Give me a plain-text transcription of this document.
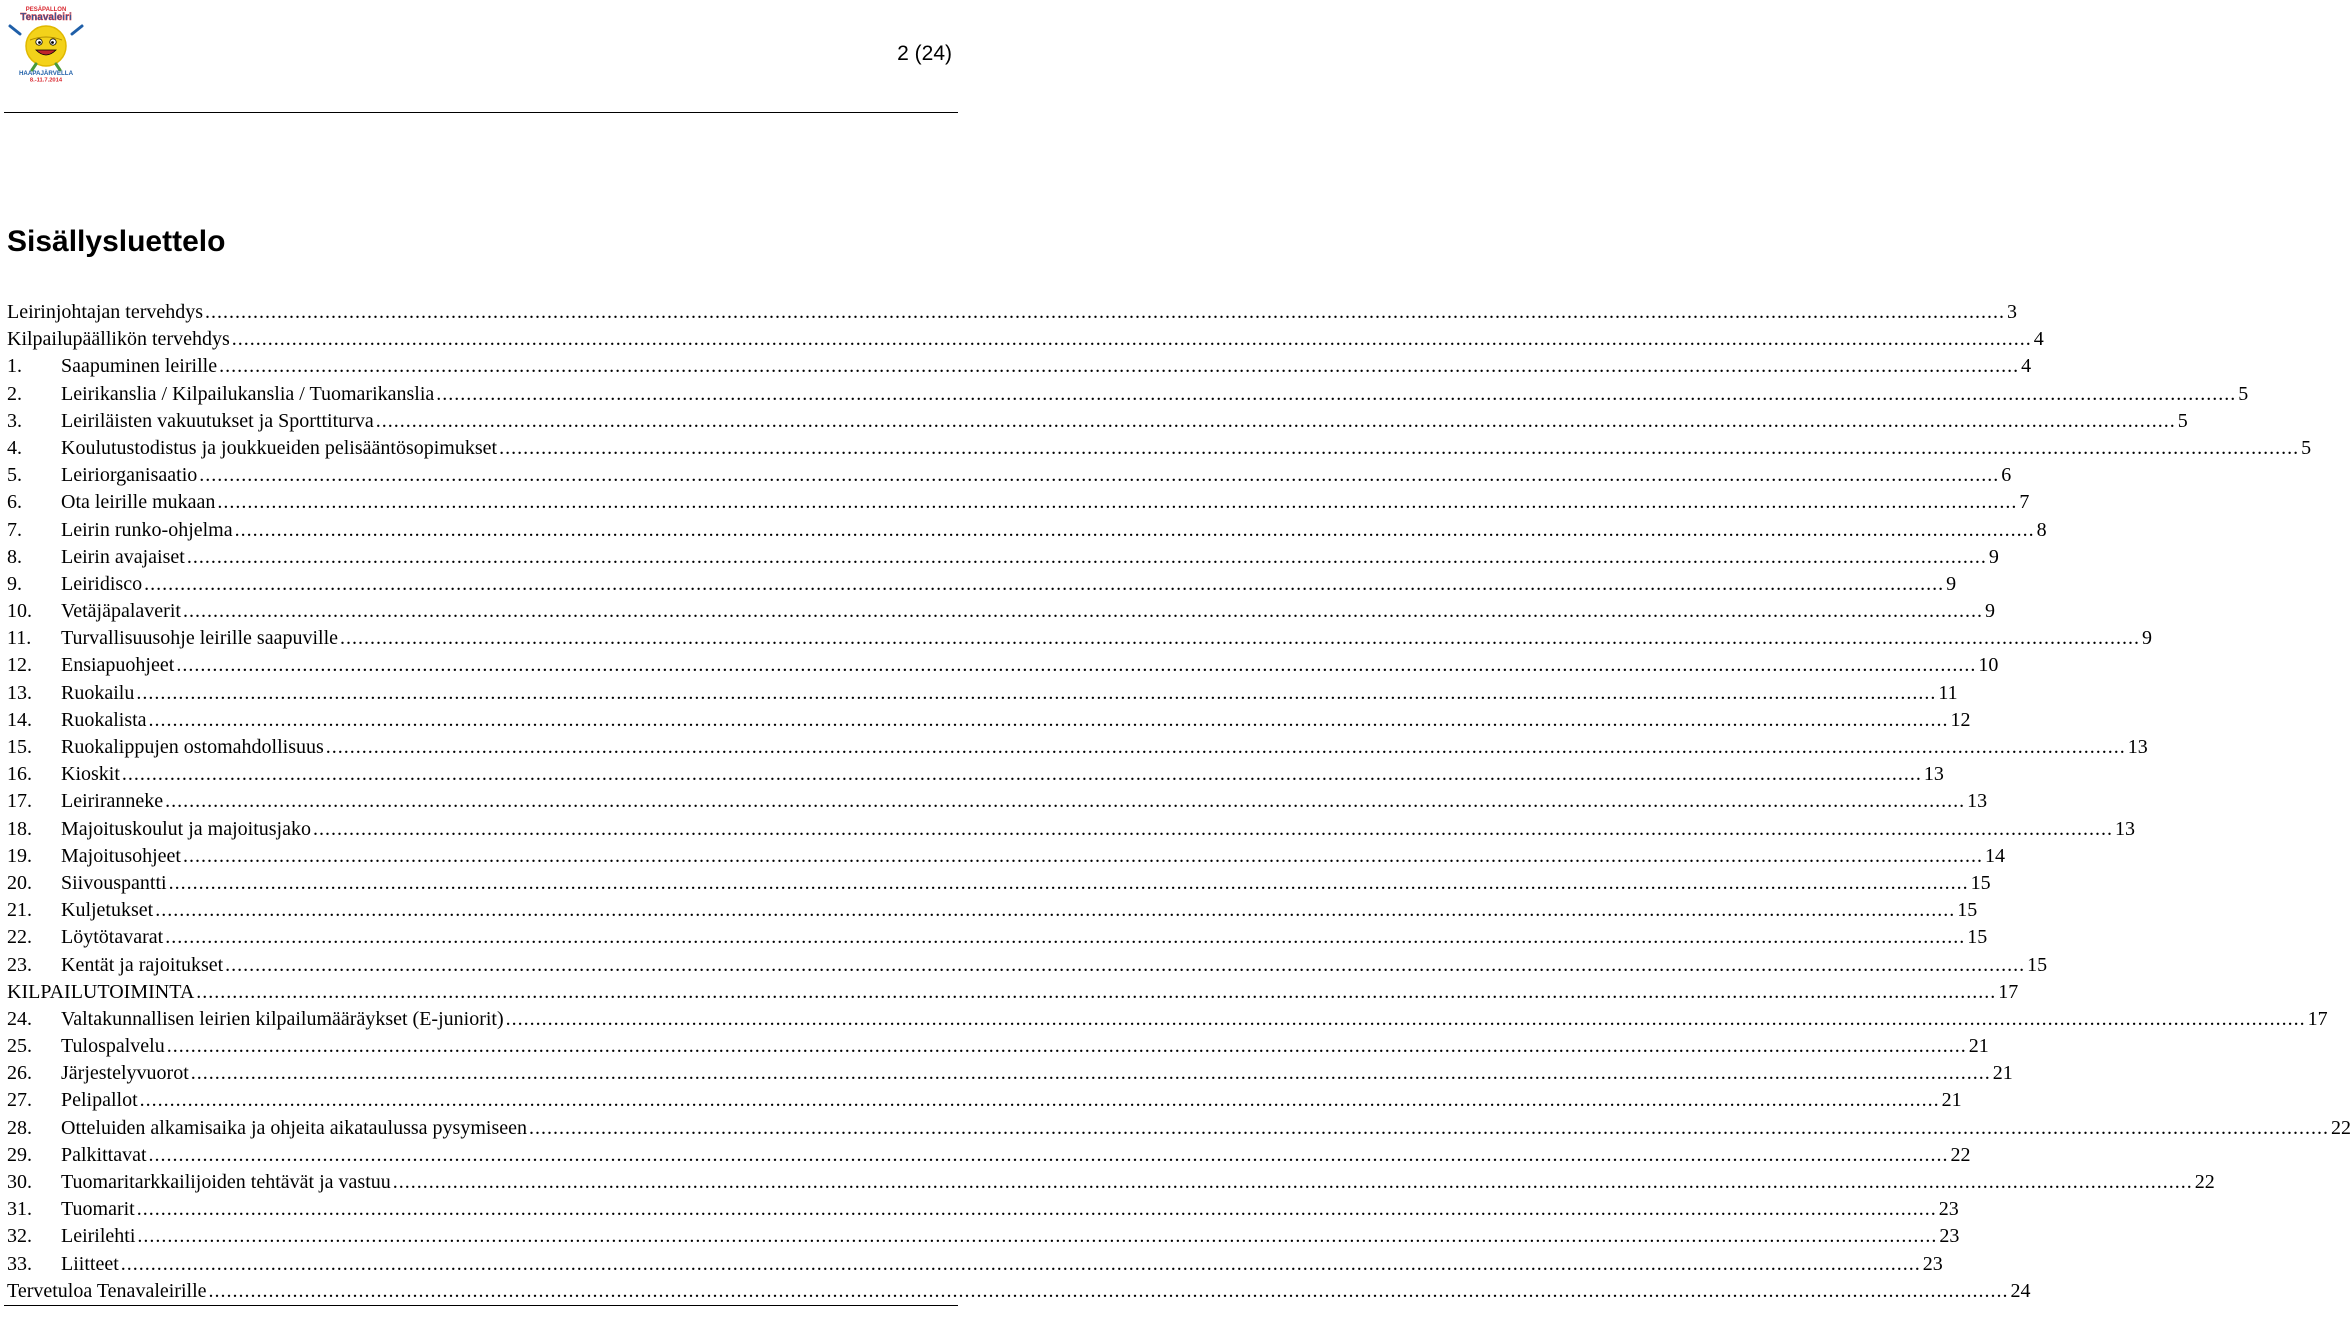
PESÄPALLON
Tenavaleiri
HAAPAJÄRVELLA
8.-11.7.2014
2 (24)
Sisällysluettelo
Leirinjohtajan tervehdys ............................................................................................................................................................................................................................................................................................................ 3
Kilpailupäällikön tervehdys ............................................................................................................................................................................................................................................................................................................ 4
1.	Saapuminen leirille ............................................................................................................................................................................................................................................................................................................ 4
2.	Leirikanslia / Kilpailukanslia / Tuomarikanslia ............................................................................................................................................................................................................................................................................................................ 5
3.	Leiriläisten vakuutukset ja Sporttiturva ............................................................................................................................................................................................................................................................................................................ 5
4.	Koulutustodistus ja joukkueiden pelisääntösopimukset ............................................................................................................................................................................................................................................................................................................ 5
5.	Leiriorganisaatio ............................................................................................................................................................................................................................................................................................................ 6
6.	Ota leirille mukaan ............................................................................................................................................................................................................................................................................................................ 7
7.	Leirin runko-ohjelma ............................................................................................................................................................................................................................................................................................................ 8
8.	Leirin avajaiset ............................................................................................................................................................................................................................................................................................................ 9
9.	Leiridisco ............................................................................................................................................................................................................................................................................................................ 9
10.	Vetäjäpalaverit ............................................................................................................................................................................................................................................................................................................ 9
11.	Turvallisuusohje leirille saapuville ............................................................................................................................................................................................................................................................................................................ 9
12.	Ensiapuohjeet ............................................................................................................................................................................................................................................................................................................ 10
13.	Ruokailu ............................................................................................................................................................................................................................................................................................................ 11
14.	Ruokalista ............................................................................................................................................................................................................................................................................................................ 12
15.	Ruokalippujen ostomahdollisuus ............................................................................................................................................................................................................................................................................................................ 13
16.	Kioskit ............................................................................................................................................................................................................................................................................................................ 13
17.	Leiriranneke ............................................................................................................................................................................................................................................................................................................ 13
18.	Majoituskoulut ja majoitusjako ............................................................................................................................................................................................................................................................................................................ 13
19.	Majoitusohjeet ............................................................................................................................................................................................................................................................................................................ 14
20.	Siivouspantti ............................................................................................................................................................................................................................................................................................................ 15
21.	Kuljetukset ............................................................................................................................................................................................................................................................................................................ 15
22.	Löytötavarat ............................................................................................................................................................................................................................................................................................................ 15
23.	Kentät ja rajoitukset ............................................................................................................................................................................................................................................................................................................ 15
KILPAILUTOIMINTA ............................................................................................................................................................................................................................................................................................................ 17
24.	Valtakunnallisen leirien kilpailumääräykset (E-juniorit) ............................................................................................................................................................................................................................................................................................................ 17
25.	Tulospalvelu ............................................................................................................................................................................................................................................................................................................ 21
26.	Järjestelyvuorot ............................................................................................................................................................................................................................................................................................................ 21
27.	Pelipallot ............................................................................................................................................................................................................................................................................................................ 21
28.	Otteluiden alkamisaika ja ohjeita aikataulussa pysymiseen ............................................................................................................................................................................................................................................................................................................ 22
29.	Palkittavat ............................................................................................................................................................................................................................................................................................................ 22
30.	Tuomaritarkkailijoiden tehtävät ja vastuu ............................................................................................................................................................................................................................................................................................................ 22
31.	Tuomarit ............................................................................................................................................................................................................................................................................................................ 23
32.	Leirilehti ............................................................................................................................................................................................................................................................................................................ 23
33.	Liitteet ............................................................................................................................................................................................................................................................................................................ 23
Tervetuloa Tenavaleirille ............................................................................................................................................................................................................................................................................................................ 24
